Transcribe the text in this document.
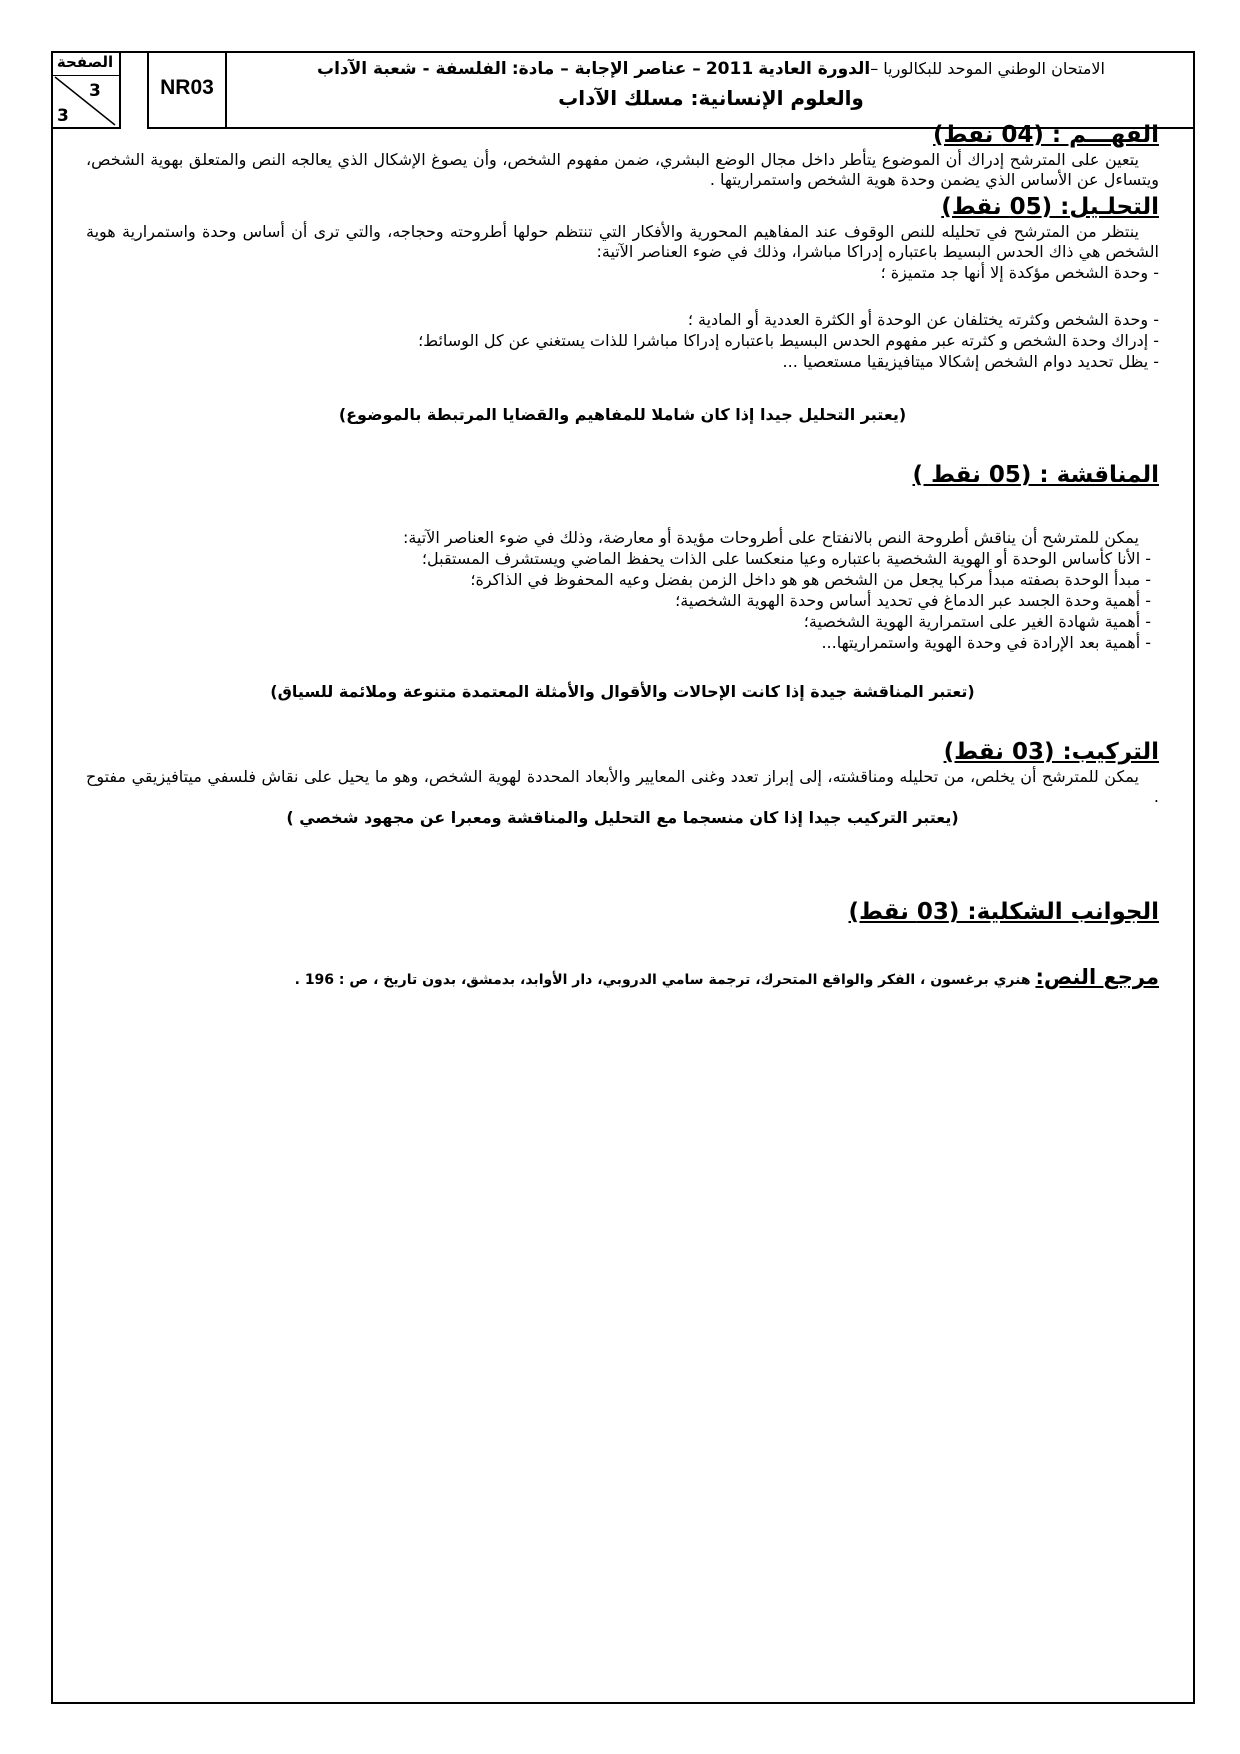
الصفحة
3
3
NR03
الامتحان الوطني الموحد للبكالوريا –الدورة العادية 2011 – عناصر الإجابة – مادة: الفلسفة - شعبة الآداب
والعلوم الإنسانية: مسلك الآداب
الفهـــم : (04 نقط)

يتعين على المترشح إدراك أن الموضوع يتأطر داخل مجال الوضع البشري، ضمن مفهوم الشخص، وأن يصوغ الإشكال الذي يعالجه النص والمتعلق بهوية الشخص، ويتساءل عن الأساس الذي يضمن وحدة هوية الشخص واستمراريتها .

التحلـيل: (05 نقط)

ينتظر من المترشح في تحليله للنص الوقوف عند المفاهيم المحورية والأفكار التي تنتظم حولها أطروحته وحجاجه، والتي ترى أن أساس وحدة واستمرارية هوية الشخص هي ذاك الحدس البسيط باعتباره إدراكا مباشرا، وذلك في ضوء العناصر الآتية:

- وحدة الشخص مؤكدة إلا أنها جد متميزة ؛

- وحدة الشخص وكثرته يختلفان عن الوحدة أو الكثرة العددية أو المادية ؛

- إدراك وحدة الشخص و كثرته عبر مفهوم الحدس البسيط باعتباره إدراكا مباشرا للذات يستغني عن كل الوسائط؛

- يظل تحديد دوام الشخص إشكالا ميتافيزيقيا مستعصيا ...

(يعتبر التحليل جيدا إذا كان شاملا للمفاهيم والقضايا المرتبطة بالموضوع)

المناقشة : (05 نقط )

يمكن للمترشح أن يناقش أطروحة النص بالانفتاح على أطروحات مؤيدة أو معارضة، وذلك في ضوء العناصر الآتية:

- الأنا كأساس الوحدة أو الهوية الشخصية باعتباره وعيا منعكسا على الذات يحفظ الماضي ويستشرف المستقبل؛

- مبدأ الوحدة بصفته مبدأ مركبا يجعل من الشخص هو هو داخل الزمن بفضل وعيه المحفوظ في الذاكرة؛

- أهمية وحدة الجسد عبر الدماغ في تحديد أساس وحدة الهوية الشخصية؛

- أهمية شهادة الغير على استمرارية الهوية الشخصية؛

- أهمية بعد الإرادة في وحدة الهوية واستمراريتها...

(تعتبر المناقشة جيدة إذا كانت الإحالات والأقوال والأمثلة المعتمدة متنوعة وملائمة للسياق)

التركيب: (03 نقط)

يمكن للمترشح أن يخلص، من تحليله ومناقشته، إلى إبراز تعدد وغنى المعايير والأبعاد المحددة لهوية الشخص، وهو ما يحيل على نقاش فلسفي ميتافيزيقي مفتوح .

(يعتبر التركيب جيدا إذا كان منسجما مع التحليل والمناقشة ومعبرا عن مجهود شخصي )

الجوانب الشكلية: (03 نقط)
مرجع النص: هنري برغسون ، الفكر والواقع المتحرك، ترجمة سامي الدروبي، دار الأوابد، بدمشق، بدون تاريخ ، ص : 196 .
